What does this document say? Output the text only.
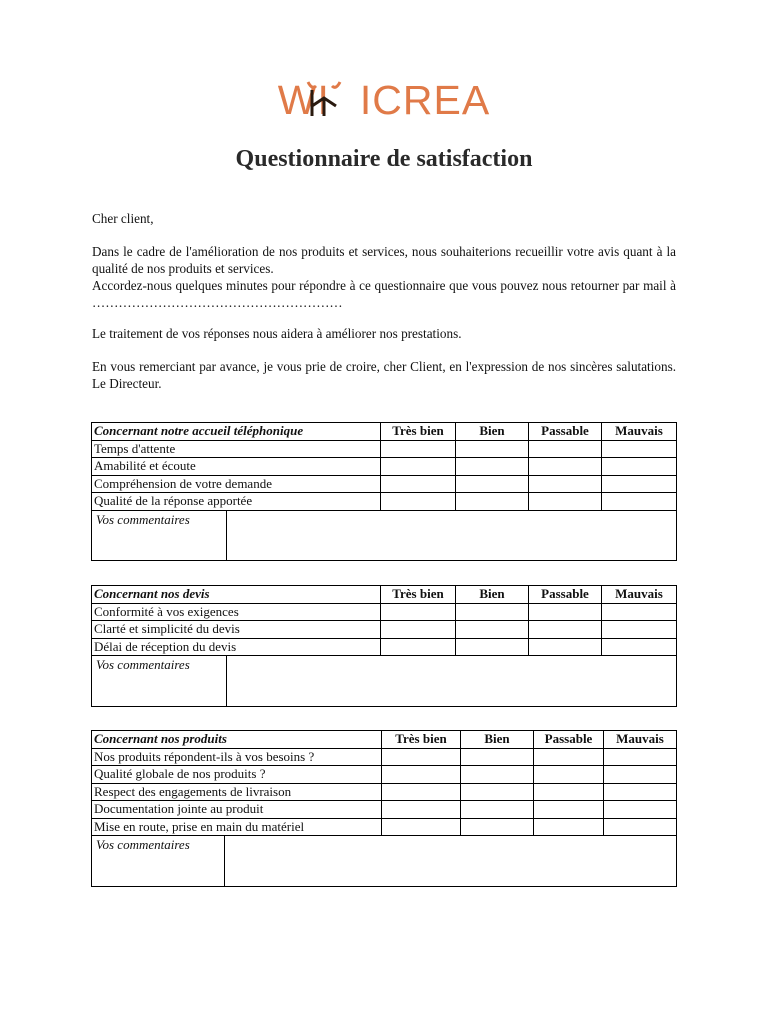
WI ICREA
Questionnaire de satisfaction
Cher client,
Dans le cadre de l'amélioration de nos produits et services, nous souhaiterions recueillir votre avis quant à la qualité de nos produits et services.
Accordez-nous quelques minutes pour répondre à ce questionnaire que vous pouvez nous retourner par mail à …………………………………………………
Le traitement de vos réponses nous aidera à améliorer nos prestations.
En vous remerciant par avance, je vous prie de croire, cher Client, en l'expression de nos sincères salutations. Le Directeur.
Concernant notre accueil téléphonique	Très bien	Bien	Passable	Mauvais
Temps d'attente				
Amabilité et écoute				
Compréhension de votre demande				
Qualité de la réponse apportée				

Vos commentaires				
Concernant nos devis	Très bien	Bien	Passable	Mauvais
Conformité à vos exigences				
Clarté et simplicité du devis				
Délai de réception du devis				

Vos commentaires				
Concernant nos produits	Très bien	Bien	Passable	Mauvais
Nos produits répondent-ils à vos besoins ?				
Qualité globale de nos produits ?				
Respect des engagements de livraison				
Documentation jointe au produit				
Mise en route, prise en main du matériel				

Vos commentaires				
